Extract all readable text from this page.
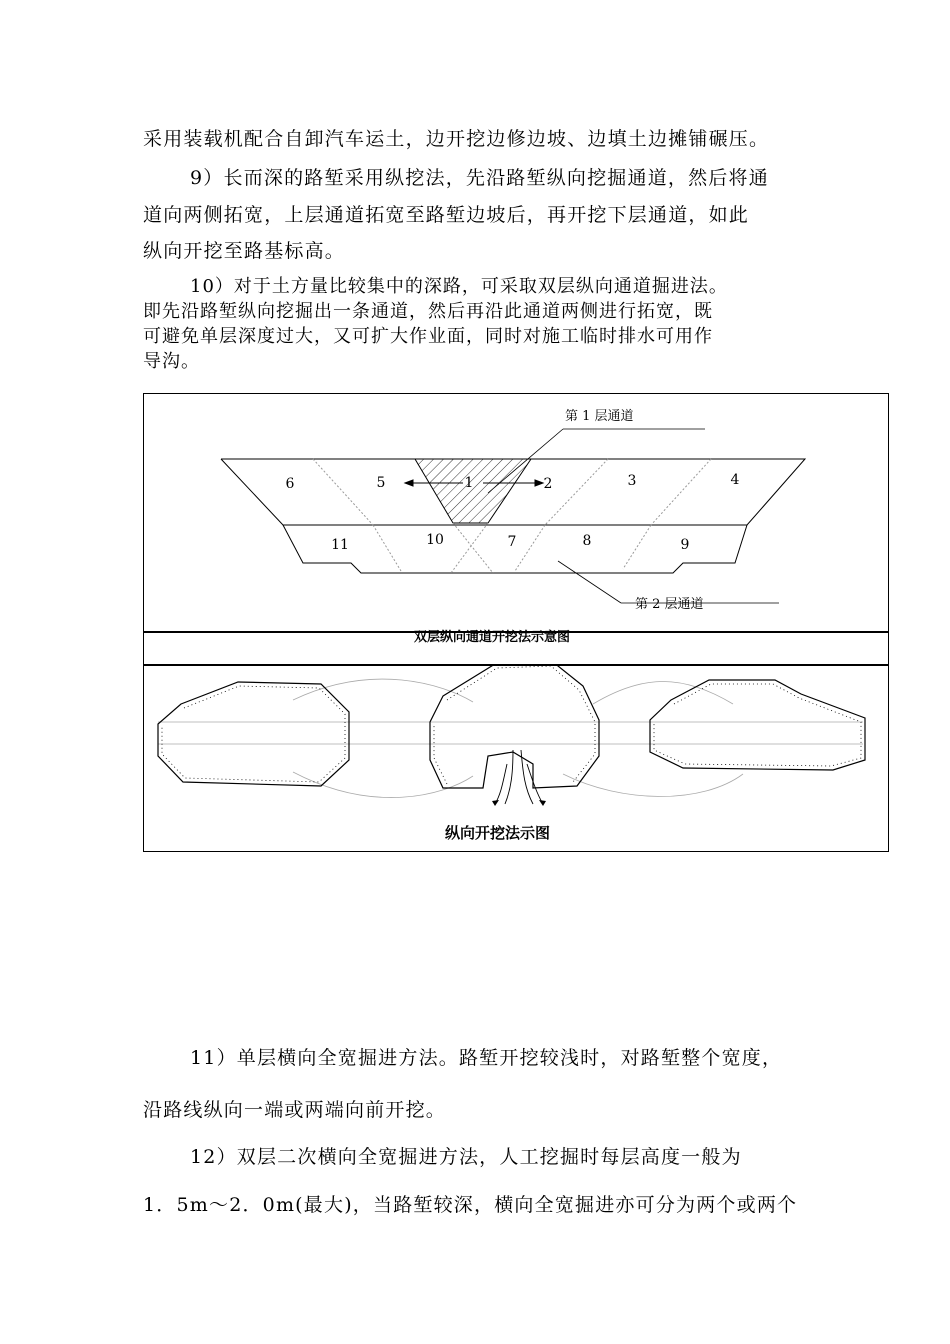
采用装载机配合自卸汽车运土，边开挖边修边坡、边填土边摊铺碾压。
9）长而深的路堑采用纵挖法，先沿路堑纵向挖掘通道，然后将通
道向两侧拓宽，上层通道拓宽至路堑边坡后，再开挖下层通道，如此
纵向开挖至路基标高。
10）对于土方量比较集中的深路，可采取双层纵向通道掘进法。
即先沿路堑纵向挖掘出一条通道，然后再沿此通道两侧进行拓宽，既
可避免单层深度过大，又可扩大作业面，同时对施工临时排水可用作
导沟。
1	2	3	4
5
6
7	8	9
10
11
第 1 层通道
第 2 层通道
双层纵向通道开挖法示意图
纵向开挖法示图
11）单层横向全宽掘进方法。路堑开挖较浅时，对路堑整个宽度，
沿路线纵向一端或两端向前开挖。
12）双层二次横向全宽掘进方法，人工挖掘时每层高度一般为
1．5m～2．0m(最大)，当路堑较深，横向全宽掘进亦可分为两个或两个
